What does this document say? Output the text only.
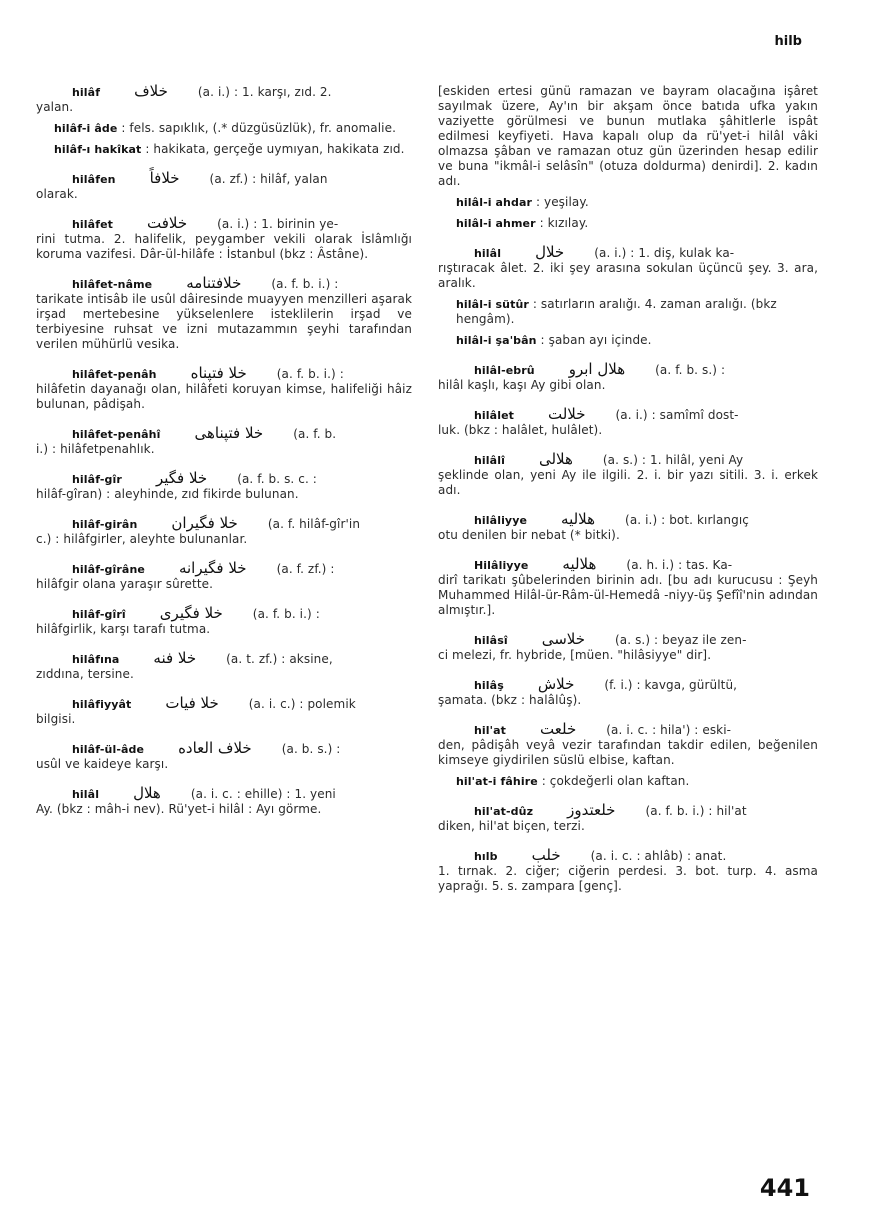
hilb

hilâf خلاف	(a. i.) : 1. karşı, zıd. 2.

yalan.

hilâf-i âde : fels. sapıklık, (.* düzgüsüzlük), fr. anomalie.
hilâf-ı hakîkat : hakikata, gerçeğe uymıyan, hakikata zıd.

hilâfen خلافاً	(a. zf.) : hilâf, yalan

olarak.

hilâfet خلافت	(a. i.) : 1. birinin ye-

rini tutma. 2. halifelik, peygamber vekili olarak İslâmlığı koruma vazifesi. Dâr-ül-hilâfe : İstanbul (bkz : Âstâne).

hilâfet-nâme خلافتنامه	(a. f. b. i.) :

tarikate intisâb ile usûl dâiresinde muayyen menzilleri aşarak irşad mertebesine yükselenlere isteklilerin irşad ve terbiyesine ruhsat ve izni mutazammın şeyhi tarafından verilen mühürlü vesika.

hilâfet-penâh خلا فتپناه	(a. f. b. i.) :

hilâfetin dayanağı olan, hilâfeti koruyan kimse, halifeliği hâiz bulunan, pâdişah.

hilâfet-penâhî خلا فتپناهی	(a. f. b.

i.) : hilâfetpenahlık.

hilâf-gîr خلا فگیر	(a. f. b. s. c. :

hilâf-gîran) : aleyhinde, zıd fikirde bulunan.

hilâf-girân خلا فگیران	(a. f. hilâf-gîr'in

c.) : hilâfgirler, aleyhte bulunanlar.

hilâf-gîrâne خلا فگیرانه	(a. f. zf.) :

hilâfgir olana yaraşır sûrette.

hilâf-gîrî خلا فگیری	(a. f. b. i.) :

hilâfgirlik, karşı tarafı tutma.

hilâfına خلا فنه	(a. t. zf.) : aksine,

zıddına, tersine.

hilâfiyyât خلا فیات	(a. i. c.) : polemik

bilgisi.

hilâf-ül-âde خلاف العاده	(a. b. s.) :

usûl ve kaideye karşı.

hilâl هلال	(a. i. c. : ehille) : 1. yeni

Ay. (bkz : mâh-i nev). Rü'yet-i hilâl : Ayı görme.

[eskiden ertesi günü ramazan ve bayram olacağına işâret sayılmak üzere, Ay'ın bir akşam önce batıda ufka yakın vaziyette görülmesi ve bunun mutlaka şâhitlerle ispât edilmesi keyfiyeti. Hava kapalı olup da rü'yet-i hilâl vâki olmazsa şâban ve ramazan otuz gün üzerinden hesap edilir ve buna "ikmâl-i selâsîn" (otuza doldurma) denirdi]. 2. kadın adı.

hilâl-i ahdar : yeşilay.
hilâl-i ahmer : kızılay.

hilâl خلال	(a. i.) : 1. diş, kulak ka-

rıştıracak âlet. 2. iki şey arasına sokulan üçüncü şey. 3. ara, aralık.

hilâl-i sütûr : satırların aralığı. 4. zaman aralığı. (bkz hengâm).
hilâl-i şa'bân : şaban ayı içinde.

hilâl-ebrû هلال ابرو	(a. f. b. s.) :

hilâl kaşlı, kaşı Ay gibi olan.

hilâlet خلالت	(a. i.) : samîmî dost-

luk. (bkz : halâlet, hulâlet).

hilâlî هلالی	(a. s.) : 1. hilâl, yeni Ay

şeklinde olan, yeni Ay ile ilgili. 2. i. bir yazı sitili. 3. i. erkek adı.

hilâliyye هلاليه	(a. i.) : bot. kırlangıç

otu denilen bir nebat (* bitki).

Hilâliyye هلاليه	(a. h. i.) : tas. Ka-

dirî tarikatı şûbelerinden birinin adı. [bu adı kurucusu : Şeyh Muhammed Hilâl-ür-Râm-ül-Hemedâ -niyy-üş Şefîî'nin adından almıştır.].

hilâsî خلاسی	(a. s.) : beyaz ile zen-

ci melezi, fr. hybride, [müen. "hilâsiyye" dir].

hilâş خلاش	(f. i.) : kavga, gürültü,

şamata. (bkz : halâlûş).

hil'at خلعت	(a. i. c. : hila') : eski-

den, pâdişâh veyâ vezir tarafından takdir edilen, beğenilen kimseye giydirilen süslü elbise, kaftan.

hil'at-i fâhire : çokdeğerli olan kaftan.

hil'at-dûz خلعتدوز	(a. f. b. i.) : hil'at

diken, hil'at biçen, terzi.

hılb خلب	(a. i. c. : ahlâb) : anat.

1. tırnak. 2. ciğer; ciğerin perdesi. 3. bot. turp. 4. asma yaprağı. 5. s. zampara [genç].

441
